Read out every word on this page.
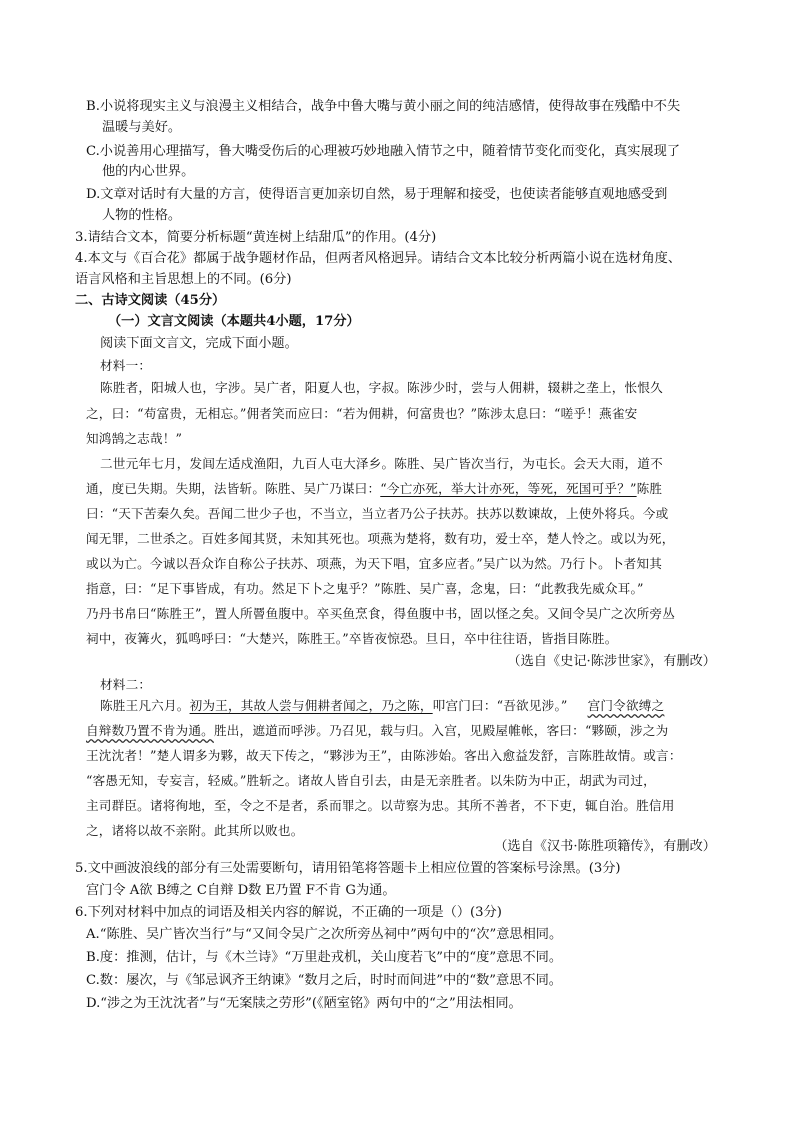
B.小说将现实主义与浪漫主义相结合，战争中鲁大嘴与黄小丽之间的纯洁感情，使得故事在残酷中不失
温暖与美好。
C.小说善用心理描写，鲁大嘴受伤后的心理被巧妙地融入情节之中，随着情节变化而变化，真实展现了
他的内心世界。
D.文章对话时有大量的方言，使得语言更加亲切自然，易于理解和接受，也使读者能够直观地感受到
人物的性格。
3.请结合文本，简要分析标题“黄连树上结甜瓜”的作用。(4分)
4.本文与《百合花》都属于战争题材作品，但两者风格迥异。请结合文本比较分析两篇小说在选材角度、
语言风格和主旨思想上的不同。(6分)
二、古诗文阅读（45分）
（一）文言文阅读（本题共4小题，17分）
阅读下面文言文，完成下面小题。
材料一：
陈胜者，阳城人也，字涉。吴广者，阳夏人也，字叔。陈涉少时，尝与人佣耕，辍耕之垄上，怅恨久
之，曰：“苟富贵，无相忘。”佣者笑而应曰：“若为佣耕，何富贵也？”陈涉太息曰：“嗟乎！燕雀安
知鸿鹄之志哉！”
二世元年七月，发闾左适戍渔阳，九百人屯大泽乡。陈胜、吴广皆次当行，为屯长。会天大雨，道不
通，度已失期。失期，法皆斩。陈胜、吴广乃谋曰：“今亡亦死，举大计亦死，等死，死国可乎？”陈胜
曰：“天下苦秦久矣。吾闻二世少子也，不当立，当立者乃公子扶苏。扶苏以数谏故，上使外将兵。今或
闻无罪，二世杀之。百姓多闻其贤，未知其死也。项燕为楚将，数有功，爱士卒，楚人怜之。或以为死，
或以为亡。今诚以吾众诈自称公子扶苏、项燕，为天下唱，宜多应者。”吴广以为然。乃行卜。卜者知其
指意，曰：“足下事皆成，有功。然足下卜之鬼乎？”陈胜、吴广喜，念鬼，曰：“此教我先威众耳。”
乃丹书帛曰“陈胜王”，置人所罾鱼腹中。卒买鱼烹食，得鱼腹中书，固以怪之矣。又间令吴广之次所旁丛
祠中，夜篝火，狐鸣呼曰：“大楚兴，陈胜王。”卒皆夜惊恐。旦日，卒中往往语，皆指目陈胜。
（选自《史记·陈涉世家》，有删改）
材料二：
陈胜王凡六月。初为王，其故人尝与佣耕者闻之，乃之陈，叩宫门曰：“吾欲见涉。” 宫门令欲缚之
自辩数乃置不肯为通。胜出，遮道而呼涉。乃召见，载与归。入宫，见殿屋帷帐，客曰：“夥颐，涉之为
王沈沈者！”楚人谓多为夥，故天下传之，“夥涉为王”，由陈涉始。客出入愈益发舒，言陈胜故情。或言：
“客愚无知，专妄言，轻威。”胜斩之。诸故人皆自引去，由是无亲胜者。以朱防为中正，胡武为司过，
主司群臣。诸将徇地，至，令之不是者，系而罪之。以苛察为忠。其所不善者，不下吏，辄自治。胜信用
之，诸将以故不亲附。此其所以败也。
（选自《汉书·陈胜项籍传》，有删改）
5.文中画波浪线的部分有三处需要断句，请用铅笔将答题卡上相应位置的答案标号涂黑。(3分)
宫门令 A欲 B缚之 C自辩 D数 E乃置 F不肯 G为通。
6.下列对材料中加点的词语及相关内容的解说，不正确的一项是（）(3分)
A.“陈胜、吴广皆次当行”与“又间令吴广之次所旁丛祠中”两句中的“次”意思相同。
B.度：推测，估计，与《木兰诗》“万里赴戎机，关山度若飞”中的“度”意思不同。
C.数：屡次，与《邹忌讽齐王纳谏》“数月之后，时时而间进”中的“数”意思不同。
D.“涉之为王沈沈者”与“无案牍之劳形”(《陋室铭》两句中的“之”用法相同。
